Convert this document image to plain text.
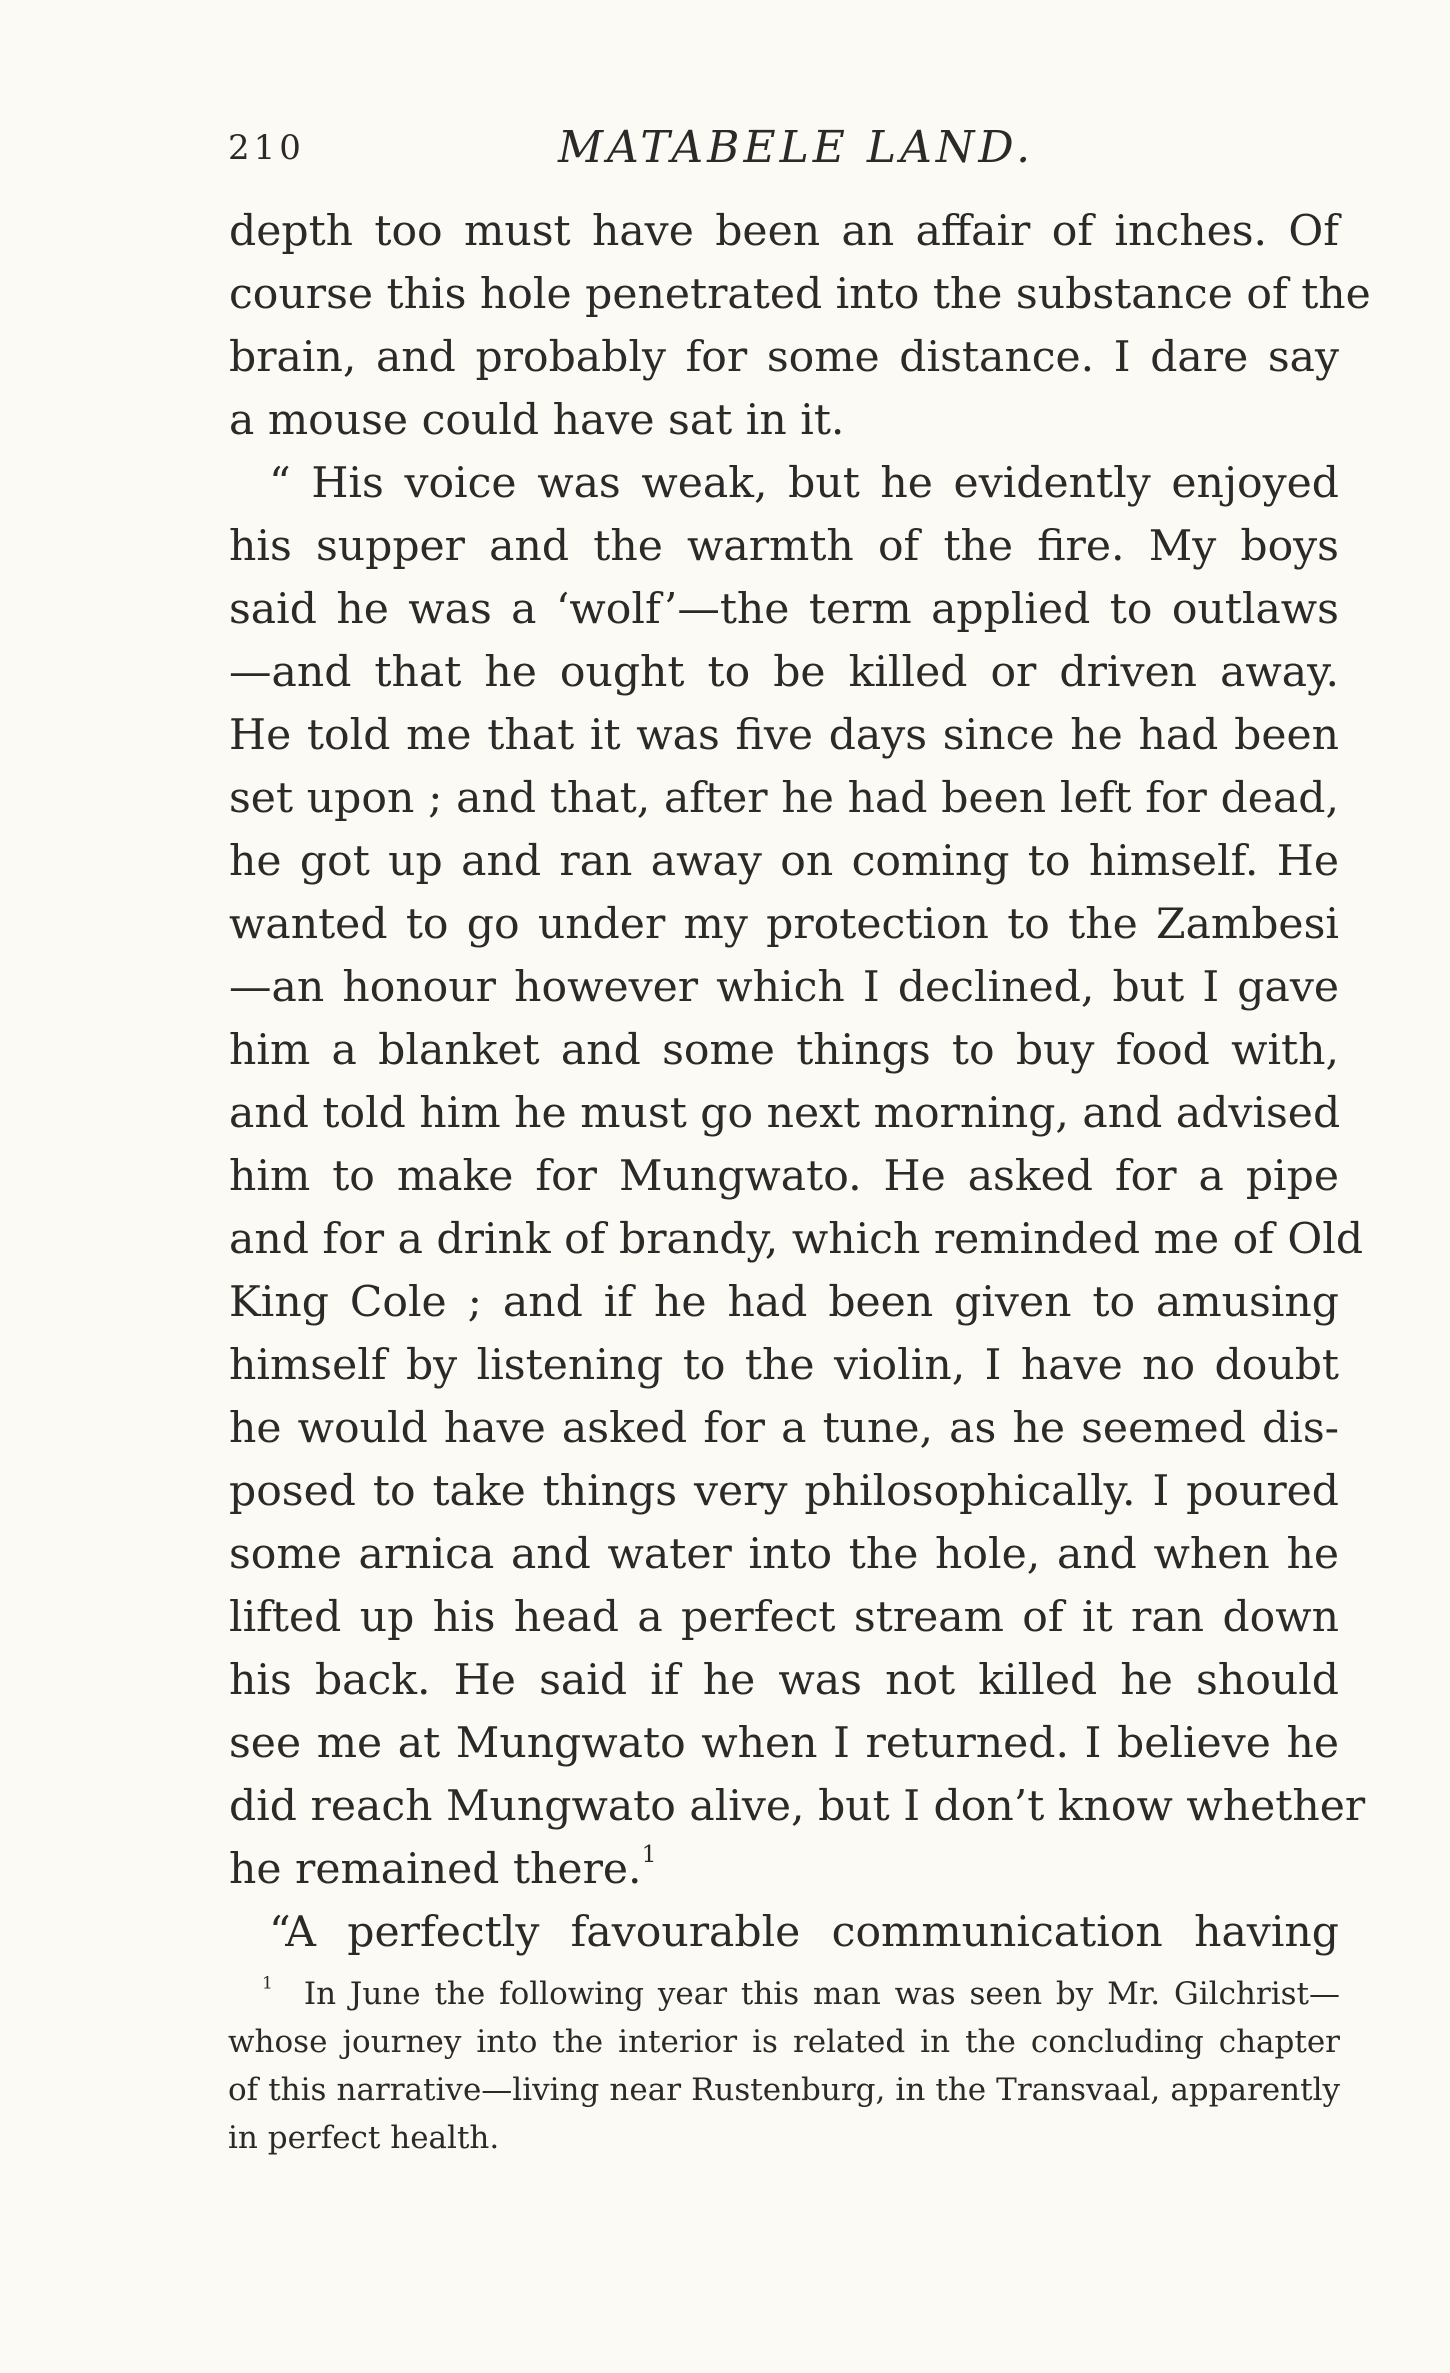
210	MATABELE LAND.
depth too must have been an affair of inches. Of
course this hole penetrated into the substance of the
brain, and probably for some distance. I dare say
a mouse could have sat in it.
“ His voice was weak, but he evidently enjoyed
his supper and the warmth of the fire. My boys
said he was a ‘wolf’—the term applied to outlaws
—and that he ought to be killed or driven away.
He told me that it was five days since he had been
set upon ; and that, after he had been left for dead,
he got up and ran away on coming to himself. He
wanted to go under my protection to the Zambesi
—an honour however which I declined, but I gave
him a blanket and some things to buy food with,
and told him he must go next morning, and advised
him to make for Mungwato. He asked for a pipe
and for a drink of brandy, which reminded me of Old
King Cole ; and if he had been given to amusing
himself by listening to the violin, I have no doubt
he would have asked for a tune, as he seemed dis-
posed to take things very philosophically. I poured
some arnica and water into the hole, and when he
lifted up his head a perfect stream of it ran down
his back. He said if he was not killed he should
see me at Mungwato when I returned. I believe he
did reach Mungwato alive, but I don’t know whether
he remained there.$^1$
“A perfectly favourable communication having
$^1$  In June the following year this man was seen by Mr. Gilchrist—
whose journey into the interior is related in the concluding chapter
of this narrative—living near Rustenburg, in the Transvaal, apparently
in perfect health.
